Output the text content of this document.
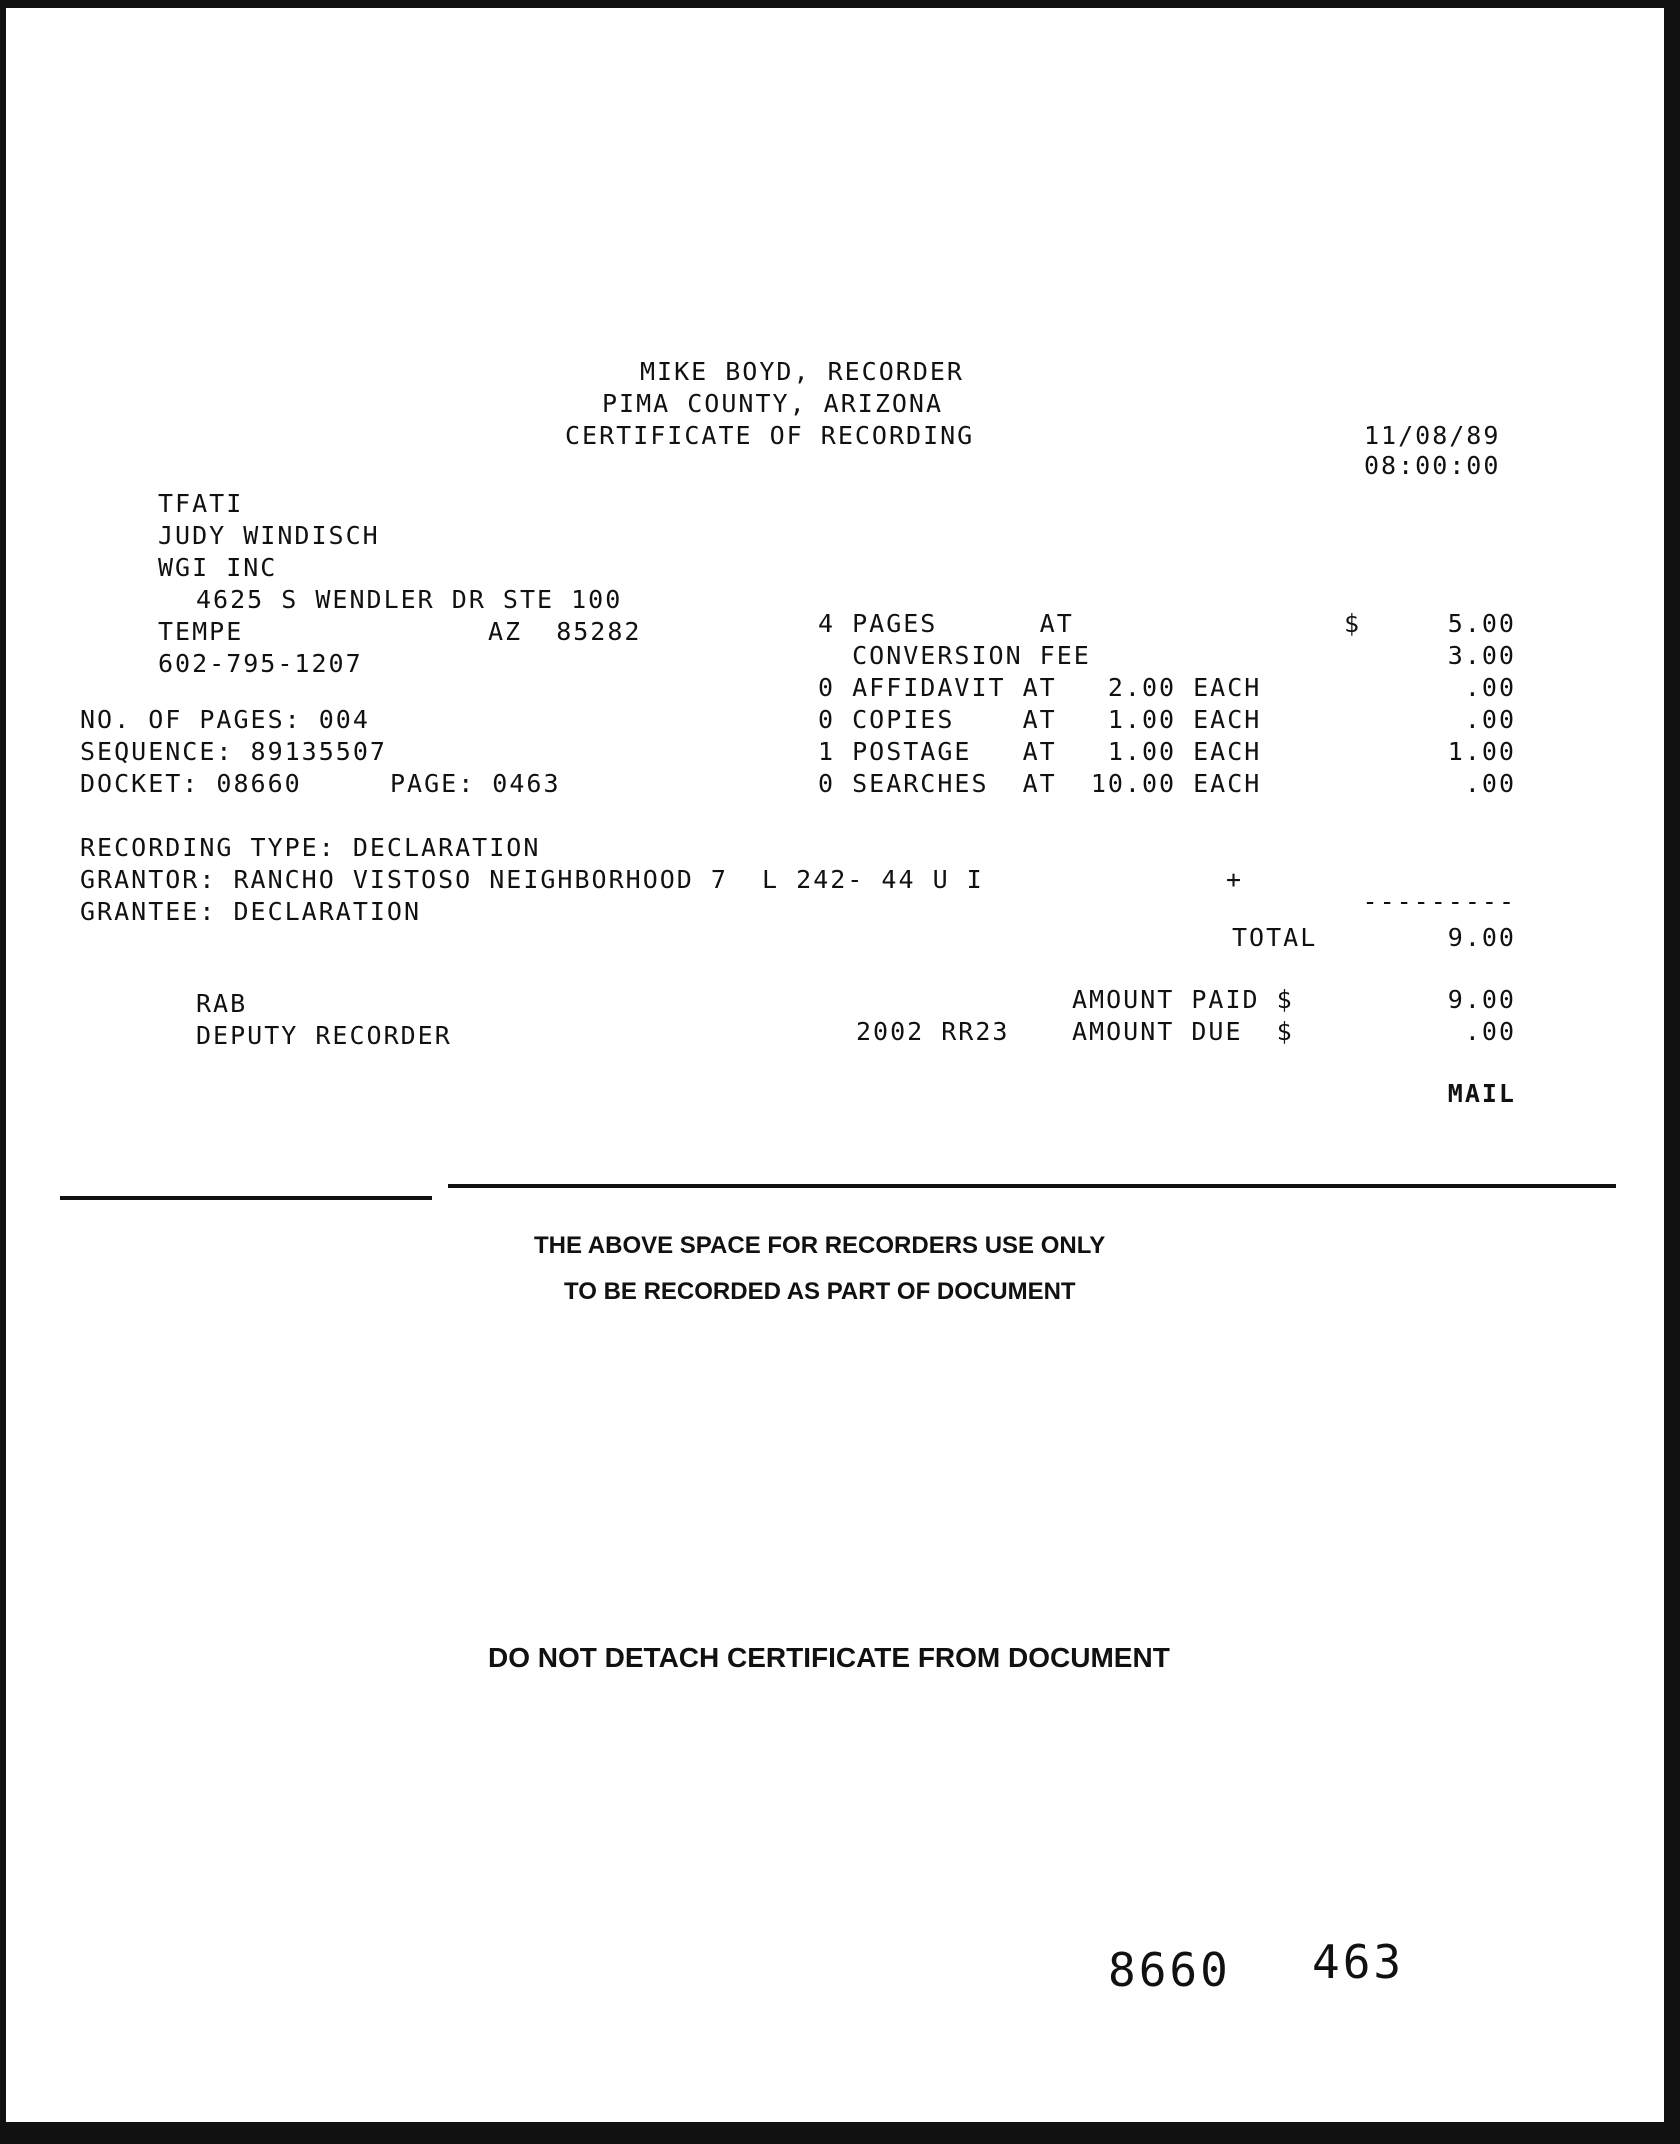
MIKE BOYD, RECORDER
PIMA COUNTY, ARIZONA
CERTIFICATE OF RECORDING	11/08/89
08:00:00
TFATI
JUDY WINDISCH
WGI INC
4625 S WENDLER DR STE 100
TEMPE	AZ  85282
602-795-1207
NO. OF PAGES: 004
SEQUENCE: 89135507
DOCKET: 08660	PAGE: 0463
4 PAGES      AT	$	5.00
CONVERSION FEE	3.00
0 AFFIDAVIT AT   2.00 EACH	.00
0 COPIES    AT   1.00 EACH	.00
1 POSTAGE   AT   1.00 EACH	1.00
0 SEARCHES  AT  10.00 EACH	.00
RECORDING TYPE: DECLARATION
GRANTOR: RANCHO VISTOSO NEIGHBORHOOD 7  L 242- 44 U I	+
GRANTEE: DECLARATION	---------
TOTAL	9.00
RAB	AMOUNT PAID $	9.00
DEPUTY RECORDER	2002 RR23	AMOUNT DUE  $	.00
MAIL
THE ABOVE SPACE FOR RECORDERS USE ONLY
TO BE RECORDED AS PART OF DOCUMENT
DO NOT DETACH CERTIFICATE FROM DOCUMENT
8660 463
